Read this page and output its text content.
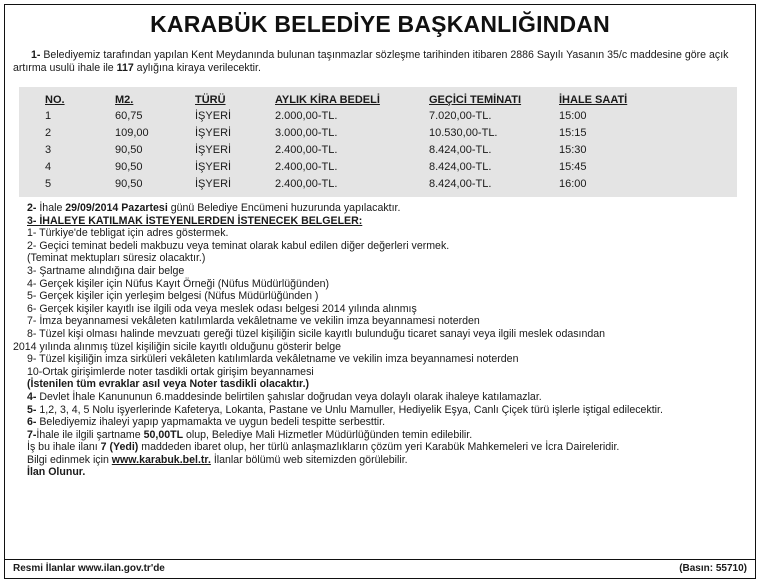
KARABÜK BELEDİYE BAŞKANLIĞINDAN
1- Belediyemiz tarafından yapılan Kent Meydanında bulunan taşınmazlar sözleşme tarihinden itibaren 2886 Sayılı Yasanın 35/c maddesine göre açık artırma usulü ihale ile 117 aylığına kiraya verilecektir.
NO.	M2.	TÜRÜ	AYLIK KİRA BEDELİ	GEÇİCİ TEMİNATI	İHALE SAATİ
1	60,75	İŞYERİ	2.000,00-TL.	7.020,00-TL.	15:00
2	109,00	İŞYERİ	3.000,00-TL.	10.530,00-TL.	15:15
3	90,50	İŞYERİ	2.400,00-TL.	8.424,00-TL.	15:30
4	90,50	İŞYERİ	2.400,00-TL.	8.424,00-TL.	15:45
5	90,50	İŞYERİ	2.400,00-TL.	8.424,00-TL.	16:00
2- İhale 29/09/2014 Pazartesi günü Belediye Encümeni huzurunda yapılacaktır.
3- İHALEYE KATILMAK İSTEYENLERDEN İSTENECEK BELGELER:
1- Türkiye'de tebligat için adres göstermek.
2- Geçici teminat bedeli makbuzu veya teminat olarak kabul edilen diğer değerleri vermek.
(Teminat mektupları süresiz olacaktır.)
3- Şartname alındığına dair belge
4- Gerçek kişiler için Nüfus Kayıt Örneği (Nüfus Müdürlüğünden)
5- Gerçek kişiler için yerleşim belgesi (Nüfus Müdürlüğünden )
6- Gerçek kişiler kayıtlı ise ilgili oda veya meslek odası belgesi 2014 yılında alınmış
7- İmza beyannamesi vekâleten katılımlarda vekâletname ve vekilin imza beyannamesi noterden
8- Tüzel kişi olması halinde mevzuatı gereği tüzel kişiliğin sicile kayıtlı bulunduğu ticaret sanayi veya ilgili meslek odasından
2014 yılında alınmış tüzel kişiliğin sicile kayıtlı olduğunu gösterir belge
9- Tüzel kişiliğin imza sirküleri vekâleten katılımlarda vekâletname ve vekilin imza beyannamesi noterden
10-Ortak girişimlerde noter tasdikli ortak girişim beyannamesi
(İstenilen tüm evraklar asıl veya Noter tasdikli olacaktır.)
4- Devlet İhale Kanununun 6.maddesinde belirtilen şahıslar doğrudan veya dolaylı olarak ihaleye katılamazlar.
5- 1,2, 3, 4, 5 Nolu işyerlerinde Kafeterya, Lokanta, Pastane ve Unlu Mamuller, Hediyelik Eşya, Canlı Çiçek türü işlerle iştigal edilecektir.
6- Belediyemiz ihaleyi yapıp yapmamakta ve uygun bedeli tespitte serbesttir.
7-İhale ile ilgili şartname 50,00TL olup, Belediye Mali Hizmetler Müdürlüğünden temin edilebilir.
İş bu ihale ilanı 7 (Yedi) maddeden ibaret olup, her türlü anlaşmazlıkların çözüm yeri Karabük Mahkemeleri ve İcra Daireleridir.
Bilgi edinmek için www.karabuk.bel.tr. İlanlar bölümü web sitemizden görülebilir.
İlan Olunur.
Resmi İlanlar www.ilan.gov.tr'de	(Basın: 55710)
